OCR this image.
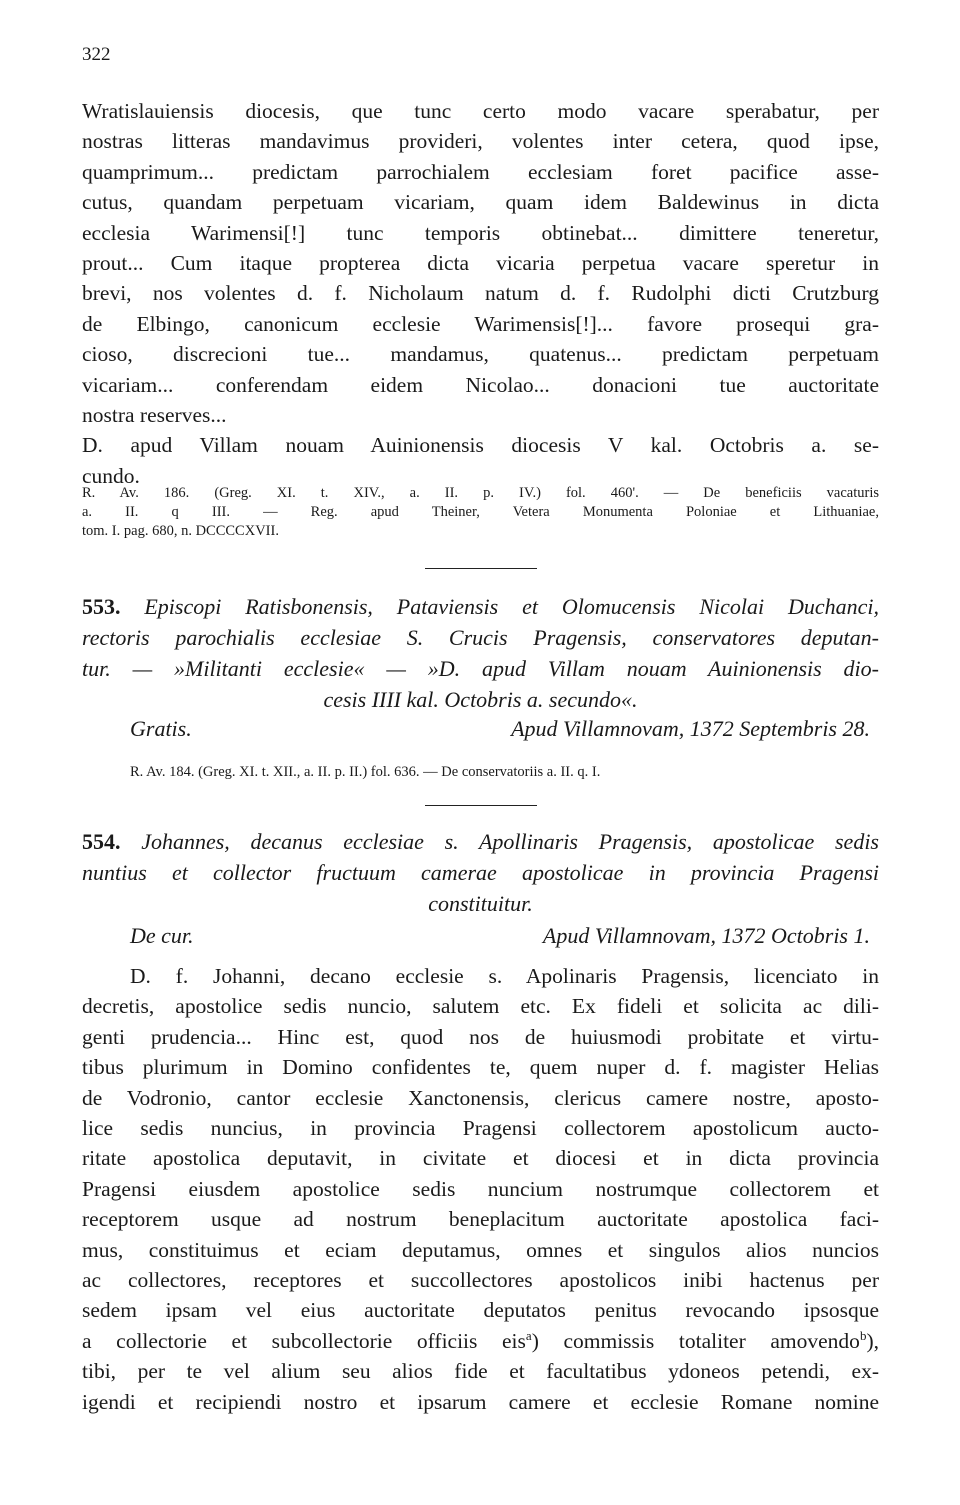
322

Wratislauiensis diocesis, que tunc certo modo vacare sperabatur, per
nostras litteras mandavimus provideri, volentes inter cetera, quod ipse,
quamprimum... predictam parrochialem ecclesiam foret pacifice asse-
cutus, quandam perpetuam vicariam, quam idem Baldewinus in dicta
ecclesia Warimensi[!] tunc temporis obtinebat... dimittere teneretur,
prout... Cum itaque propterea dicta vicaria perpetua vacare speretur in
brevi, nos volentes d. f. Nicholaum natum d. f. Rudolphi dicti Crutzburg
de Elbingo, canonicum ecclesie Warimensis[!]... favore prosequi gra-
cioso, discrecioni tue... mandamus, quatenus... predictam perpetuam
vicariam... conferendam eidem Nicolao... donacioni tue auctoritate
nostra reserves...
D. apud Villam nouam Auinionensis diocesis V kal. Octobris a. se-
cundo.

R. Av. 186. (Greg. XI. t. XIV., a. II. p. IV.) fol. 460'. — De beneficiis vacaturis
a. II. q III. — Reg. apud Theiner, Vetera Monumenta Poloniae et Lithuaniae,
tom. I. pag. 680, n. DCCCCXVII.
553. Episcopi Ratisbonensis, Pataviensis et Olomucensis Nicolai Duchanci,
rectoris parochialis ecclesiae S. Crucis Pragensis, conservatores deputan-
tur. — »Militanti ecclesie« — »D. apud Villam nouam Auinionensis dio-
cesis IIII kal. Octobris a. secundo«.
Gratis.	Apud Villamnovam, 1372 Septembris 28.
R. Av. 184. (Greg. XI. t. XII., a. II. p. II.) fol. 636. — De conservatoriis a. II. q. I.
554. Johannes, decanus ecclesiae s. Apollinaris Pragensis, apostolicae sedis
nuntius et collector fructuum camerae apostolicae in provincia Pragensi
constituitur.
De cur.	Apud Villamnovam, 1372 Octobris 1.

D. f. Johanni, decano ecclesie s. Apolinaris Pragensis, licenciato in
decretis, apostolice sedis nuncio, salutem etc. Ex fideli et solicita ac dili-
genti prudencia... Hinc est, quod nos de huiusmodi probitate et virtu-
tibus plurimum in Domino confidentes te, quem nuper d. f. magister Helias
de Vodronio, cantor ecclesie Xanctonensis, clericus camere nostre, aposto-
lice sedis nuncius, in provincia Pragensi collectorem apostolicum aucto-
ritate apostolica deputavit, in civitate et diocesi et in dicta provincia
Pragensi eiusdem apostolice sedis nuncium nostrumque collectorem et
receptorem usque ad nostrum beneplacitum auctoritate apostolica faci-
mus, constituimus et eciam deputamus, omnes et singulos alios nuncios
ac collectores, receptores et succollectores apostolicos inibi hactenus per
sedem ipsam vel eius auctoritate deputatos penitus revocando ipsosque
a collectorie et subcollectorie officiis eis$^a$) commissis totaliter amovendo$^b$),
tibi, per te vel alium seu alios fide et facultatibus ydoneos petendi, ex-
igendi et recipiendi nostro et ipsarum camere et ecclesie Romane nomine
